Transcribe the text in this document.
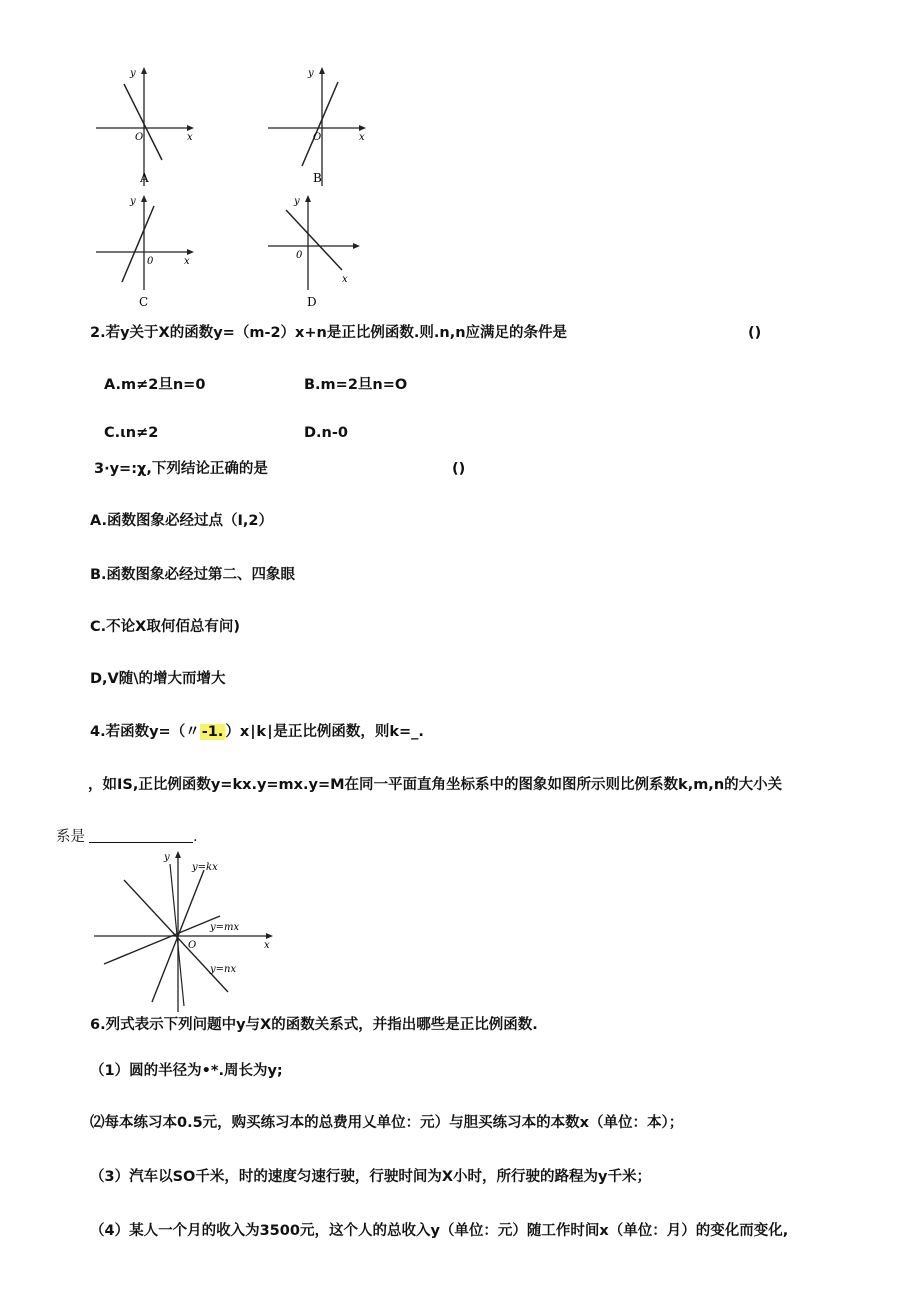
y
x
O
A
y
x
O
B
y
x
0
C
y
x
0
D
2.若y关于X的函数y=（m-2）x+n是正比例函数.则.n,n应满足的条件是	()
A.m≠2旦n=0	B.m=2旦n=O
C.ιn≠2	D.n-0
3·y=:χ,下列结论正确的是	()
A.函数图象必经过点（I,2）
B.函数图象必经过第二、四象眼
C.不论X取何佰总有问)
D,V随\的增大而增大
4.若函数y=（〃 -1. ）x∣k∣是正比例函数，则k=_.
，如IS,正比例函数y=kx.y=mx.y=M在同一平面直角坐标系中的图象如图所示则比例系数k,m,n的大小关
系是	.
y
x
O
y=kx
y=mx
y=nx
6.列式表示下列问题中y与X的函数关系式，并指出哪些是正比例函数.
（1）圆的半径为•*.周长为y;
⑵每本练习本0.5元，购买练习本的总费用乂单位：元）与胆买练习本的本数x（单位：本）；
（3）汽车以SO千米，时的速度匀速行驶，行驶时间为X小时，所行驶的路程为y千米；
（4）某人一个月的收入为3500元，这个人的总收入y（单位：元）随工作时间x（单位：月）的变化而变化,
